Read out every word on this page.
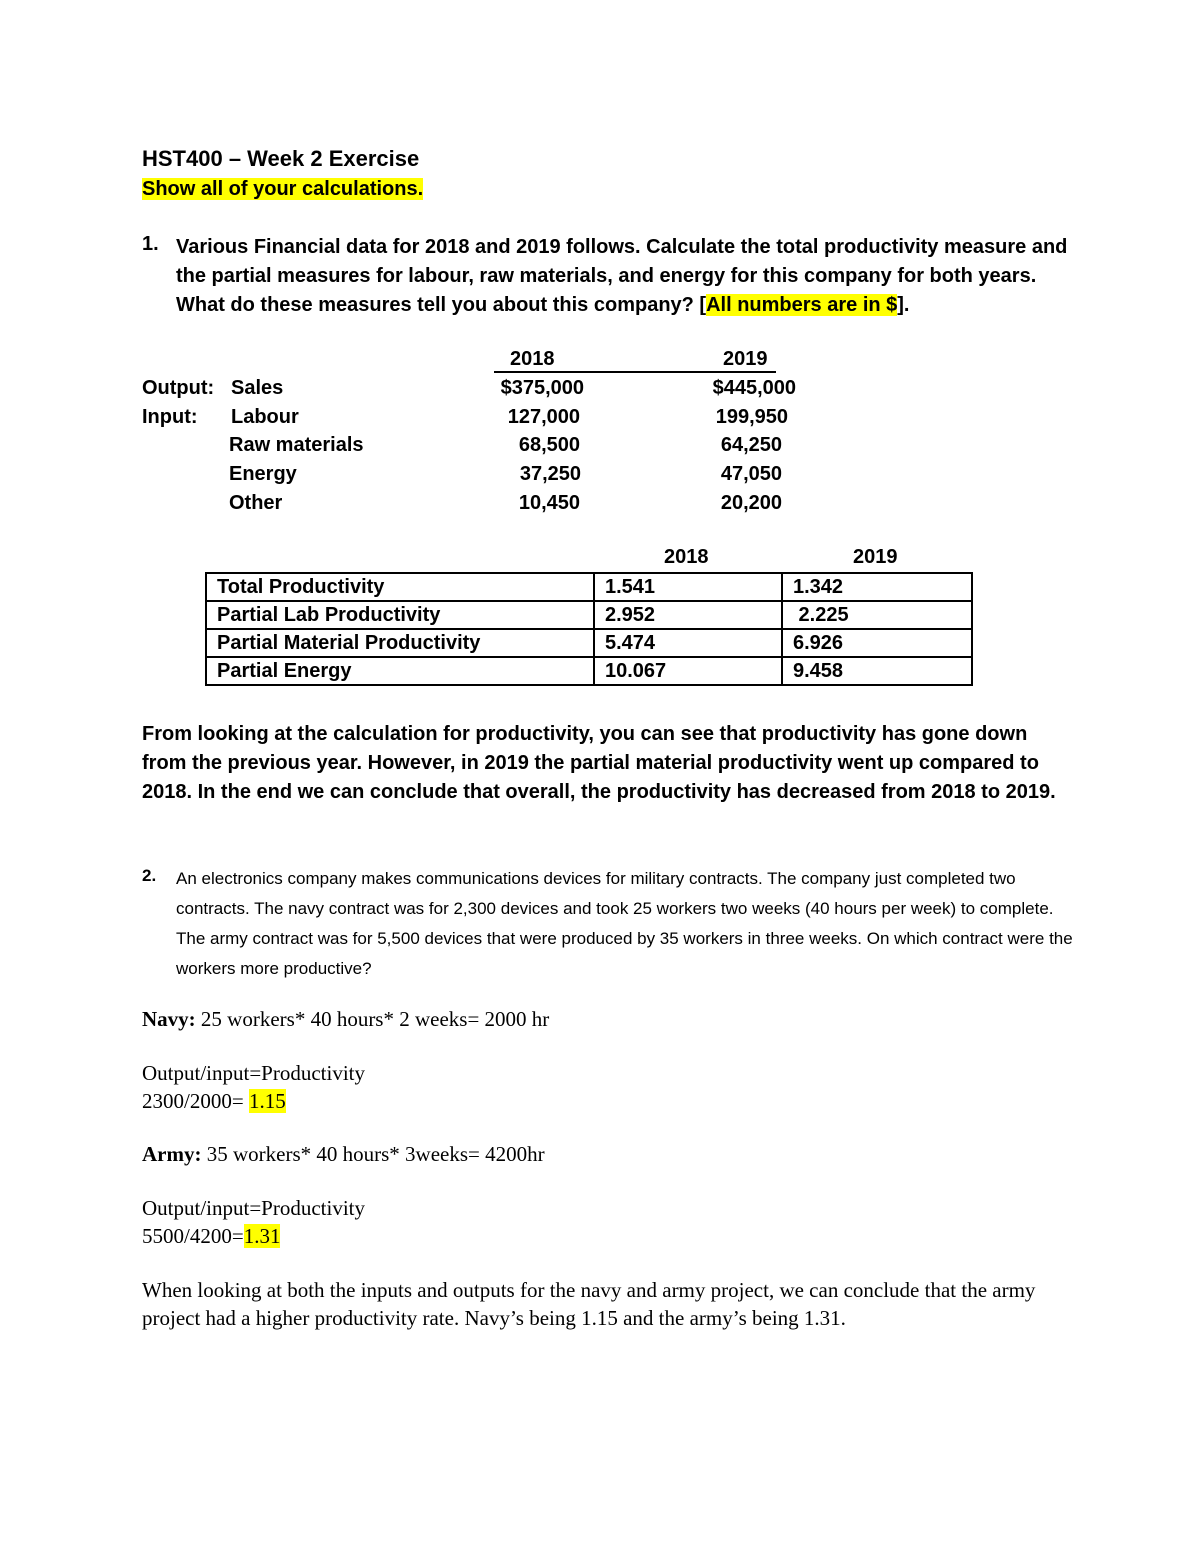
HST400 – Week 2 Exercise
Show all of your calculations.
1. Various Financial data for 2018 and 2019 follows. Calculate the total productivity measure and the partial measures for labour, raw materials, and energy for this company for both years. What do these measures tell you about this company? [All numbers are in $].
2018	2019
Output: Sales	$375,000	$445,000
Input: Labour	127,000	199,950
Raw materials	68,500	64,250
Energy	37,250	47,050
Other	10,450	20,200
2018	2019
Total Productivity	1.541	1.342
Partial Lab Productivity	2.952	2.225
Partial Material Productivity	5.474	6.926
Partial Energy	10.067	9.458
From looking at the calculation for productivity, you can see that productivity has gone down from the previous year. However, in 2019 the partial material productivity went up compared to 2018. In the end we can conclude that overall, the productivity has decreased from 2018 to 2019.
2. An electronics company makes communications devices for military contracts. The company just completed two contracts. The navy contract was for 2,300 devices and took 25 workers two weeks (40 hours per week) to complete. The army contract was for 5,500 devices that were produced by 35 workers in three weeks. On which contract were the workers more productive?
Navy: 25 workers* 40 hours* 2 weeks= 2000 hr
Output/input=Productivity
2300/2000= 1.15
Army: 35 workers* 40 hours* 3weeks= 4200hr
Output/input=Productivity
5500/4200=1.31
When looking at both the inputs and outputs for the navy and army project, we can conclude that the army project had a higher productivity rate. Navy’s being 1.15 and the army’s being 1.31.
